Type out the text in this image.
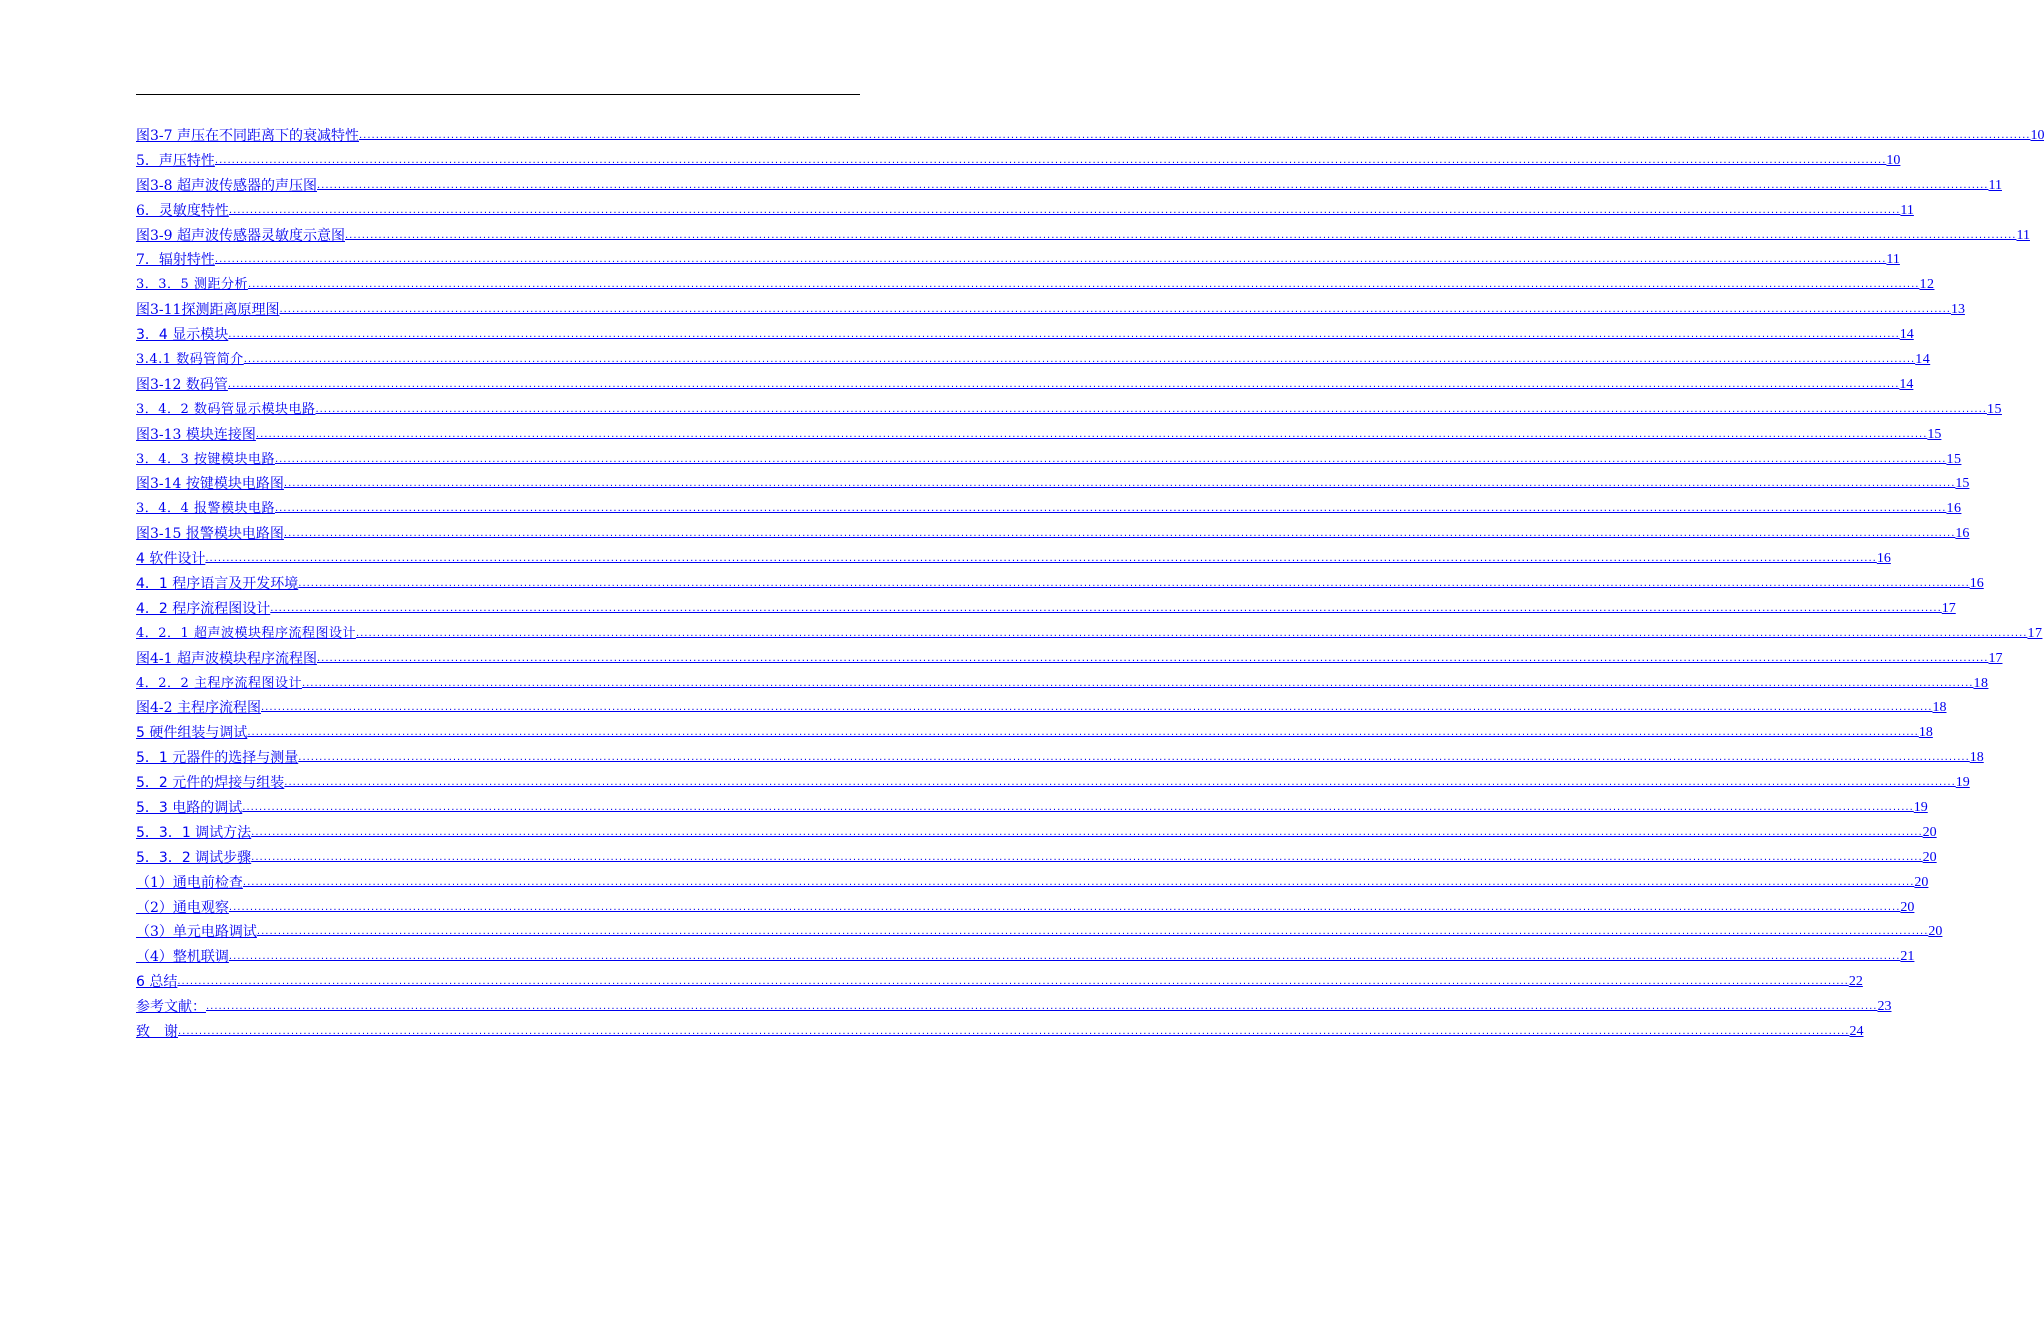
图3-7 声压在不同距离下的衰减特性 ................................................................................................................................................................................................................................................................................................................................................................................................................ 10
5．声压特性 ................................................................................................................................................................................................................................................................................................................................................................................................................ 10
图3-8 超声波传感器的声压图 ................................................................................................................................................................................................................................................................................................................................................................................................................ 11
6．灵敏度特性 ................................................................................................................................................................................................................................................................................................................................................................................................................ 11
图3-9 超声波传感器灵敏度示意图 ................................................................................................................................................................................................................................................................................................................................................................................................................ 11
7．辐射特性 ................................................................................................................................................................................................................................................................................................................................................................................................................ 11
3．3．5 测距分析 ................................................................................................................................................................................................................................................................................................................................................................................................................ 12
图3-11探测距离原理图 ................................................................................................................................................................................................................................................................................................................................................................................................................ 13
3．4 显示模块 ................................................................................................................................................................................................................................................................................................................................................................................................................ 14
3.4.1 数码管简介 ................................................................................................................................................................................................................................................................................................................................................................................................................ 14
图3-12 数码管 ................................................................................................................................................................................................................................................................................................................................................................................................................ 14
3．4．2 数码管显示模块电路 ................................................................................................................................................................................................................................................................................................................................................................................................................ 15
图3-13 模块连接图 ................................................................................................................................................................................................................................................................................................................................................................................................................ 15
3．4．3 按键模块电路 ................................................................................................................................................................................................................................................................................................................................................................................................................ 15
图3-14 按键模块电路图 ................................................................................................................................................................................................................................................................................................................................................................................................................ 15
3．4．4 报警模块电路 ................................................................................................................................................................................................................................................................................................................................................................................................................ 16
图3-15 报警模块电路图 ................................................................................................................................................................................................................................................................................................................................................................................................................ 16
4 软件设计 ................................................................................................................................................................................................................................................................................................................................................................................................................ 16
4．1 程序语言及开发环境 ................................................................................................................................................................................................................................................................................................................................................................................................................ 16
4．2 程序流程图设计 ................................................................................................................................................................................................................................................................................................................................................................................................................ 17
4．2．1 超声波模块程序流程图设计 ................................................................................................................................................................................................................................................................................................................................................................................................................ 17
图4-1 超声波模块程序流程图 ................................................................................................................................................................................................................................................................................................................................................................................................................ 17
4．2．2 主程序流程图设计 ................................................................................................................................................................................................................................................................................................................................................................................................................ 18
图4-2 主程序流程图 ................................................................................................................................................................................................................................................................................................................................................................................................................ 18
5 硬件组装与调试 ................................................................................................................................................................................................................................................................................................................................................................................................................ 18
5．1 元器件的选择与测量 ................................................................................................................................................................................................................................................................................................................................................................................................................ 18
5．2 元件的焊接与组装 ................................................................................................................................................................................................................................................................................................................................................................................................................ 19
5．3 电路的调试 ................................................................................................................................................................................................................................................................................................................................................................................................................ 19
5．3．1 调试方法 ................................................................................................................................................................................................................................................................................................................................................................................................................ 20
5．3．2 调试步骤 ................................................................................................................................................................................................................................................................................................................................................................................................................ 20
（1）通电前检查 ................................................................................................................................................................................................................................................................................................................................................................................................................ 20
（2）通电观察 ................................................................................................................................................................................................................................................................................................................................................................................................................ 20
（3）单元电路调试 ................................................................................................................................................................................................................................................................................................................................................................................................................ 20
（4）整机联调 ................................................................................................................................................................................................................................................................................................................................................................................................................ 21
6 总结 ................................................................................................................................................................................................................................................................................................................................................................................................................ 22
参考文献： ................................................................................................................................................................................................................................................................................................................................................................................................................ 23
致　谢 ................................................................................................................................................................................................................................................................................................................................................................................................................ 24
